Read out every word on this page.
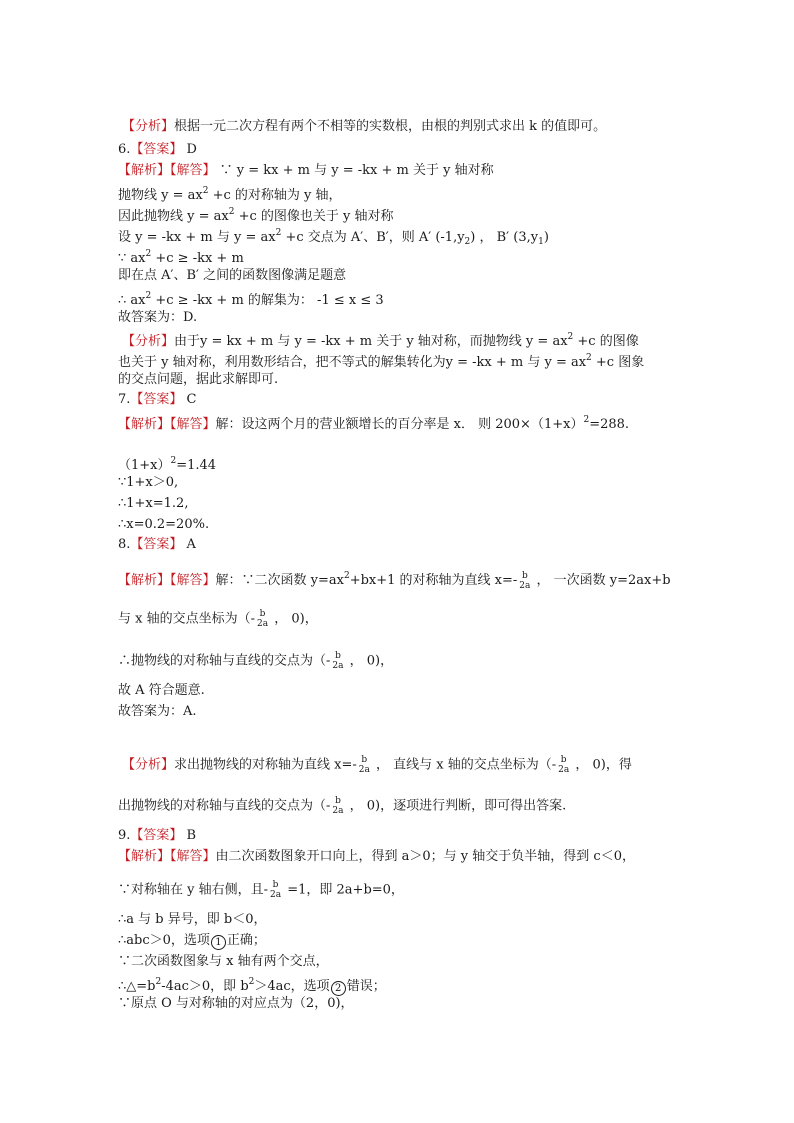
【分析】根据一元二次方程有两个不相等的实数根，由根的判别式求出 k 的值即可。
6.【答案】 D
【解析】【解答】 ∵ y = kx + m 与 y = -kx + m 关于 y 轴对称
抛物线 $y = ax^2 +c$ 的对称轴为 y 轴，
因此抛物线 $y = ax^2 +c$ 的图像也关于 y 轴对称
设 y = -kx + m 与 $y = ax^2 +c$ 交点为 A′、B′，则 A′ $(-1,y_2)$ ， B′ $(3,y_1)$
∵ $ax^2 +c \ge -kx + m$
即在点 A′、B′ 之间的函数图像满足题意
∴ $ax^2 +c \ge -kx + m$ 的解集为： -1 ≤ x ≤ 3
故答案为：D.
【分析】由于y = kx + m 与 y = -kx + m 关于 y 轴对称，而抛物线 $y = ax^2 +c$ 的图像
也关于 y 轴对称，利用数形结合，把不等式的解集转化为y = -kx + m 与 $y = ax^2 +c$ 图象
的交点问题，据此求解即可.
7.【答案】 C
【解析】【解答】解：设这两个月的营业额增长的百分率是 x． 则 $200\times(1+x)^2=288$.
$(1+x)^2=1.44$
∵1+x＞0,
∴1+x=1.2,
∴x=0.2=20%.
8.【答案】 A
【解析】【解答】解：∵二次函数 $y=ax^2+bx+1$ 的对称轴为直线 x=- b
2a ， 一次函数 y=2ax+b
与 x 轴的交点坐标为（- b
2a ， 0)，
∴抛物线的对称轴与直线的交点为（- b
2a ， 0)，
故 A 符合题意.
故答案为：A.
【分析】求出抛物线的对称轴为直线 x=- b
2a ， 直线与 x 轴的交点坐标为（- b
2a ， 0)，得
出抛物线的对称轴与直线的交点为（- b
2a ， 0)，逐项进行判断，即可得出答案.
9.【答案】 B
【解析】【解答】由二次函数图象开口向上，得到 a＞0；与 y 轴交于负半轴，得到 c＜0，
∵对称轴在 y 轴右侧，且- b
2a =1，即 2a+b=0，
∴a 与 b 异号，即 b＜0，
∴abc＞0，选项 1 正确；
∵二次函数图象与 x 轴有两个交点，
$\therefore\triangle=b^2-4ac>0$，即 $b^2>4ac$，选项 2 错误；
∵原点 O 与对称轴的对应点为（2，0)，
